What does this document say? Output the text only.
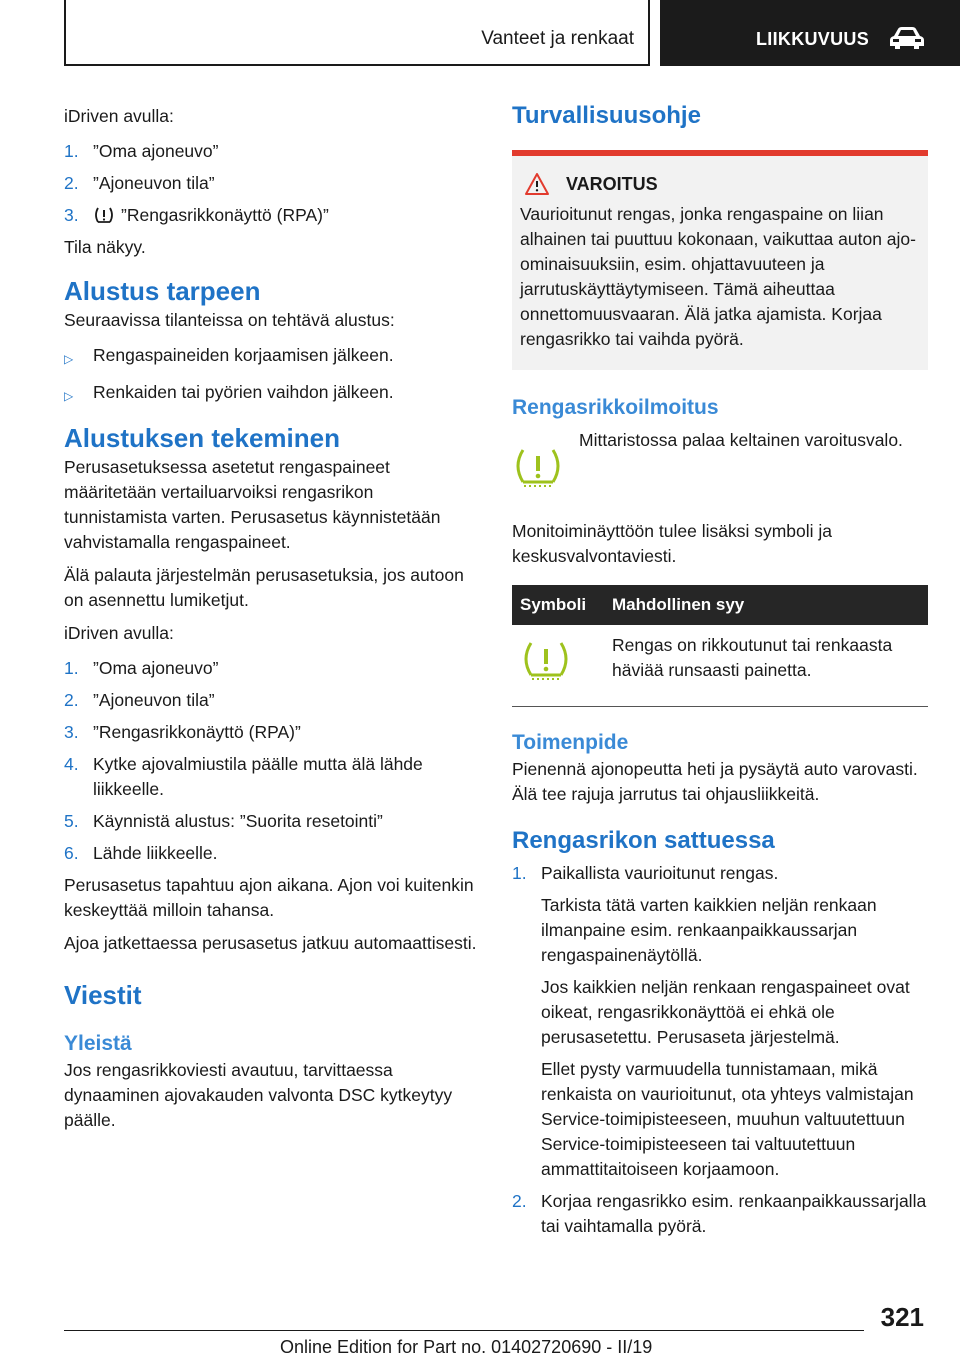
Vanteet ja renkaat	LIIKKUVUUS

iDriven avulla:

1. ”Oma ajoneuvo”
2. ”Ajoneuvon tila”
3.	”Rengasrikkonäyttö (RPA)”

Tila näkyy.

Alustus tarpeen

Seuraavissa tilanteissa on tehtävä alustus:

▷	Rengaspaineiden korjaamisen jälkeen.
▷	Renkaiden tai pyörien vaihdon jälkeen.
Alustuksen tekeminen

Perusasetuksessa asetetut rengaspaineet määritetään vertailuarvoiksi rengasrikon tunnistamista varten. Perusasetus käynnistetään vahvistamalla rengaspaineet.

Älä palauta järjestelmän perusasetuksia, jos autoon on asennettu lumiketjut.

iDriven avulla:

1. ”Oma ajoneuvo”
2. ”Ajoneuvon tila”
3. ”Rengasrikkonäyttö (RPA)”
4. Kytke ajovalmiustila päälle mutta älä lähde liikkeelle.
5. Käynnistä alustus: ”Suorita resetointi”
6. Lähde liikkeelle.

Perusasetus tapahtuu ajon aikana. Ajon voi kuitenkin keskeyttää milloin tahansa.

Ajoa jatkettaessa perusasetus jatkuu automaattisesti.

Viestit
Yleistä

Jos rengasrikkoviesti avautuu, tarvittaessa dynaaminen ajovakauden valvonta DSC kytkeytyy päälle.

Turvallisuusohje
VAROITUS

Vaurioitunut rengas, jonka rengaspaine on liian alhainen tai puuttuu kokonaan, vaikuttaa auton ajo-ominaisuuksiin, esim. ohjattavuuteen ja jarrutuskäyttäytymiseen. Tämä aiheuttaa onnettomuusvaaran. Älä jatka ajamista. Korjaa rengasrikko tai vaihda pyörä.

Rengasrikkoilmoitus

Mittaristossa palaa keltainen varoitusvalo.

Monitoiminäyttöön tulee lisäksi symboli ja keskusvalvontaviesti.

Symboli	Mahdollinen syy
	Rengas on rikkoutunut tai renkaasta häviää runsaasti painetta.
Toimenpide

Pienennä ajonopeutta heti ja pysäytä auto varovasti. Älä tee rajuja jarrutus tai ohjausliikkeitä.

Rengasrikon sattuessa
1. Paikallista vaurioitunut rengas.

Tarkista tätä varten kaikkien neljän renkaan ilmanpaine esim. renkaanpaikkaussarjan rengaspainenäytöllä.

Jos kaikkien neljän renkaan rengaspaineet ovat oikeat, rengasrikkonäyttöä ei ehkä ole perusasetettu. Perusaseta järjestelmä.

Ellet pysty varmuudella tunnistamaan, mikä renkaista on vaurioitunut, ota yhteys valmistajan Service-toimipisteeseen, muuhun valtuutettuun Service-toimipisteeseen tai valtuutettuun ammattitaitoiseen korjaamoon.

2. Korjaa rengasrikko esim. renkaanpaikkaussarjalla tai vaihtamalla pyörä.
321
Online Edition for Part no. 01402720690 - II/19
